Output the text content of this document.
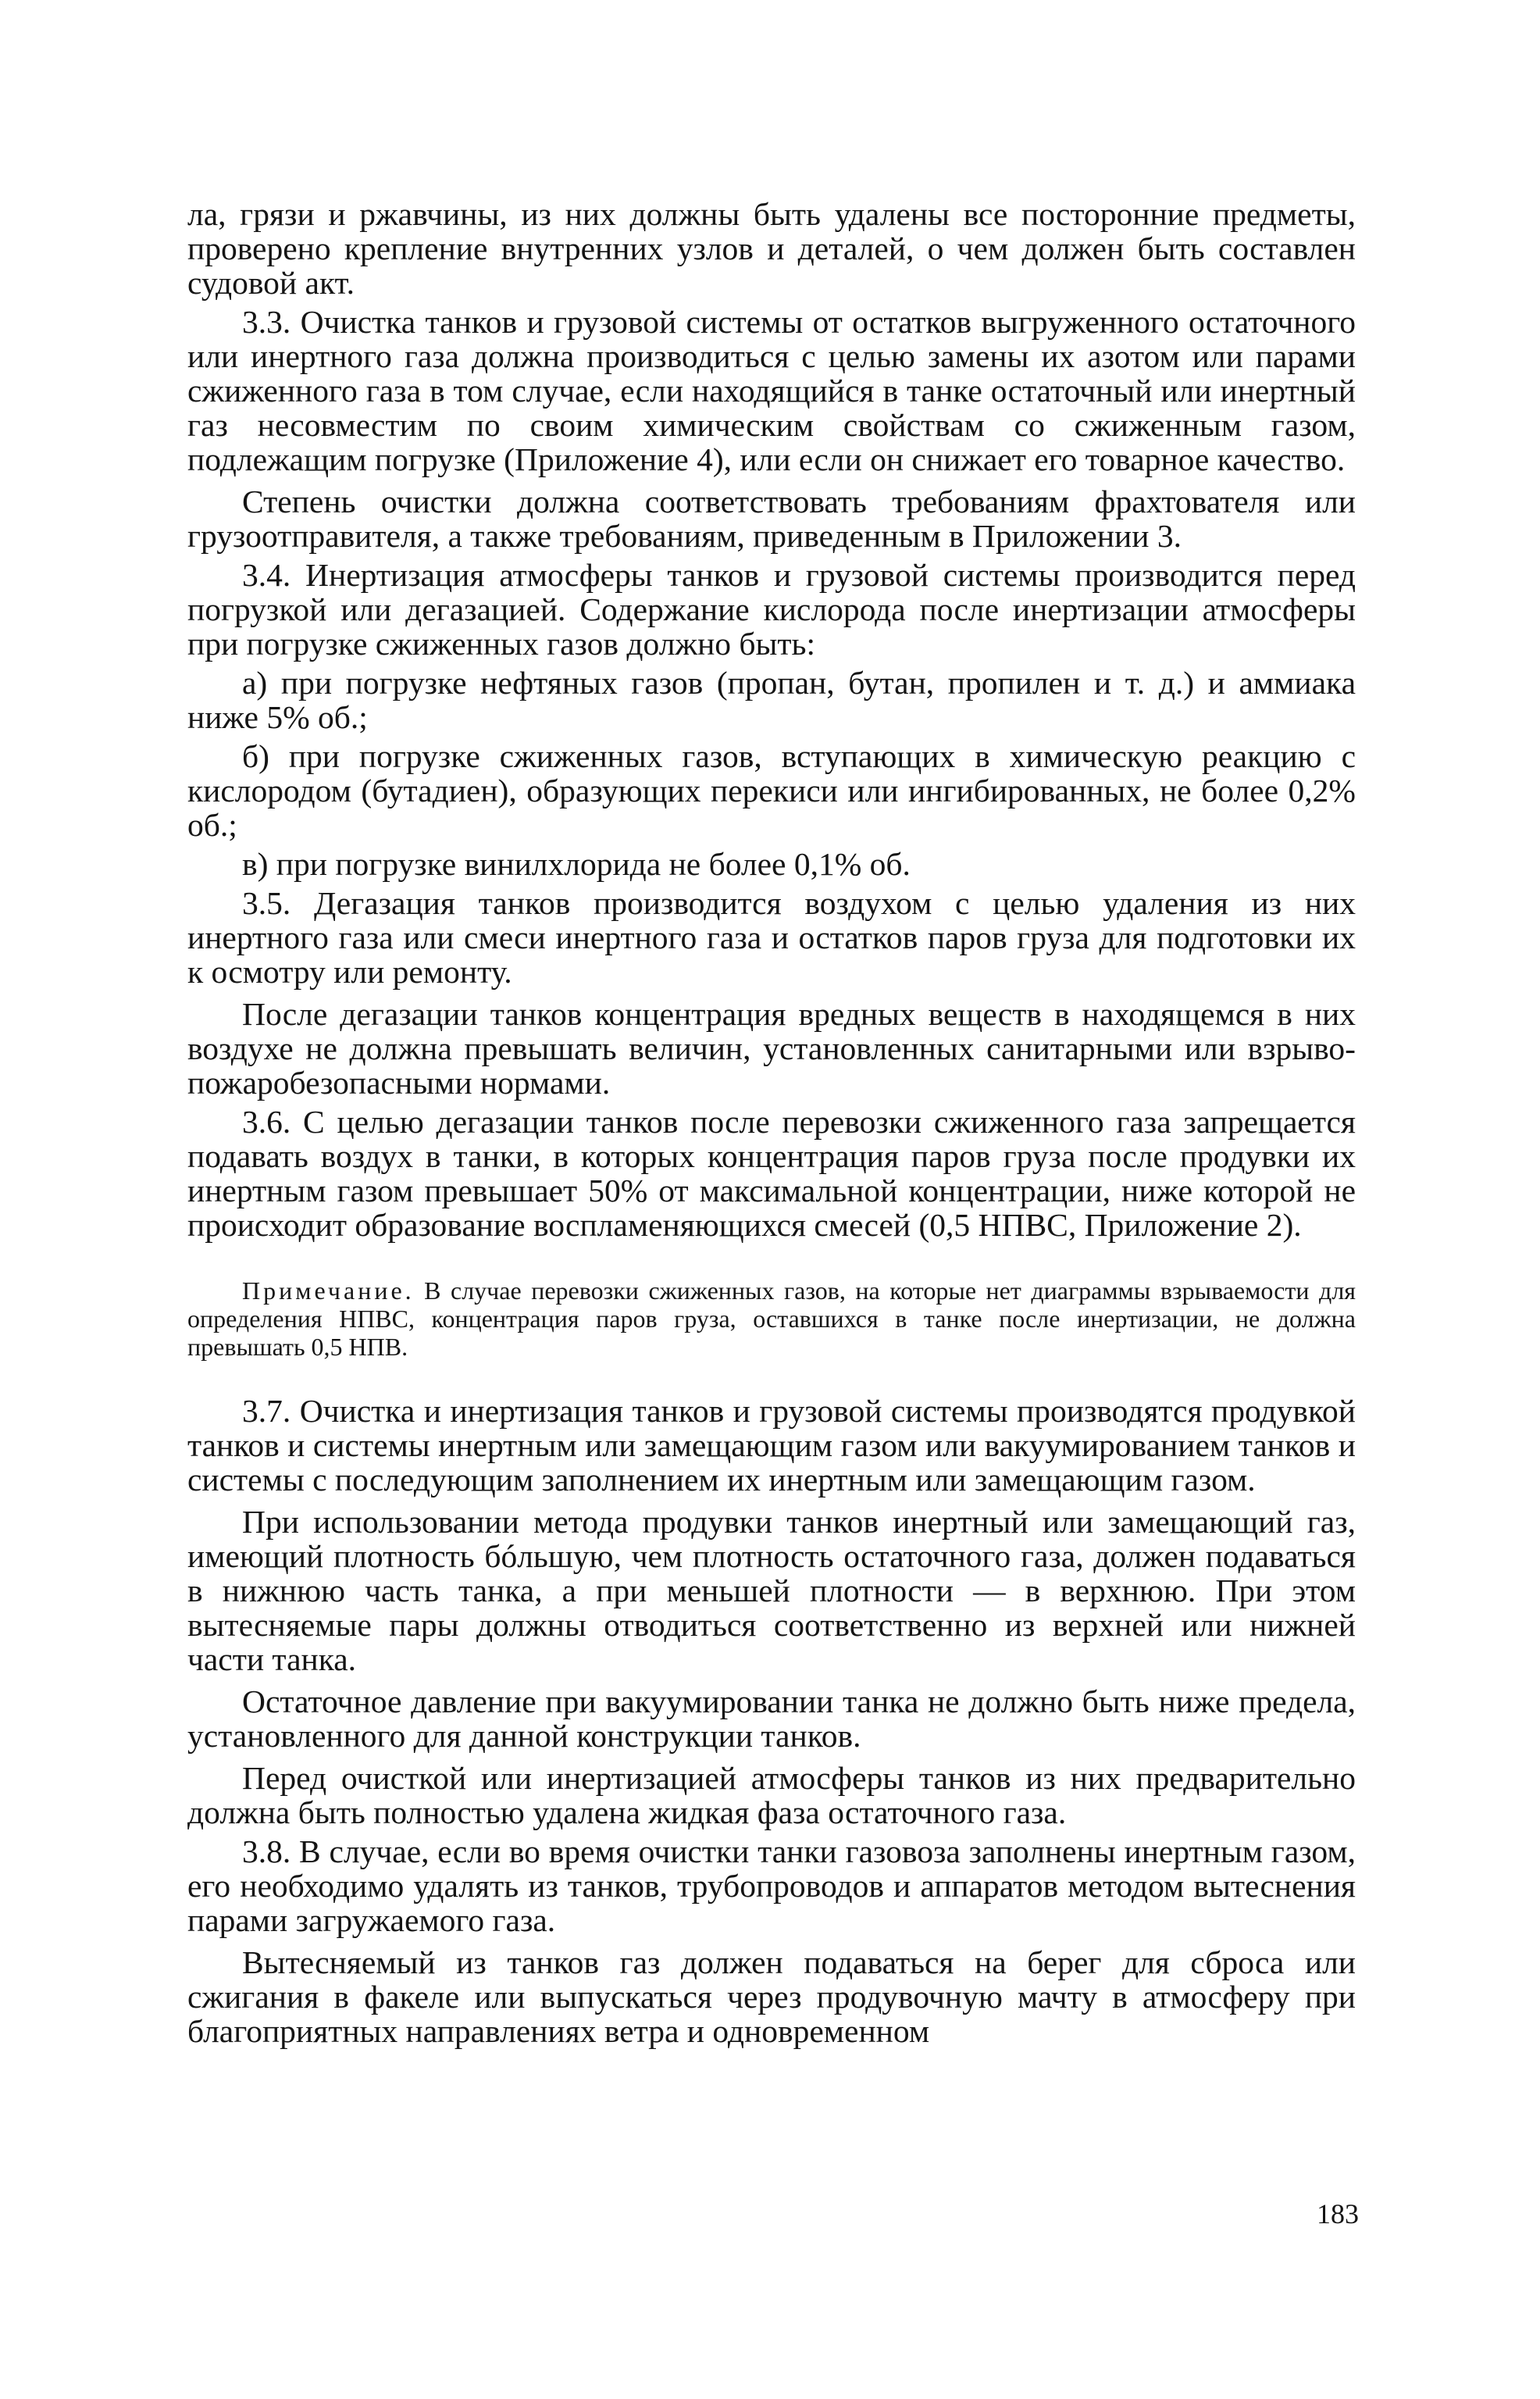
ла, грязи и ржавчины, из них должны быть удалены все посторонние предметы, проверено крепление внутренних узлов и деталей, о чем должен быть составлен судовой акт.

3.3. Очистка танков и грузовой системы от остатков выгруженного остаточного или инертного газа должна производиться с целью замены их азотом или парами сжиженного газа в том случае, если находящийся в танке остаточный или инертный газ несовместим по своим химическим свойствам со сжиженным газом, подлежащим погрузке (Приложение 4), или если он снижает его товарное качество.

Степень очистки должна соответствовать требованиям фрахтователя или грузоотправителя, а также требованиям, приведенным в Приложении 3.

3.4. Инертизация атмосферы танков и грузовой системы производится перед погрузкой или дегазацией. Содержание кислорода после инертизации атмосферы при погрузке сжиженных газов должно быть:

а) при погрузке нефтяных газов (пропан, бутан, пропилен и т. д.) и аммиака ниже 5% об.;

б) при погрузке сжиженных газов, вступающих в химическую реакцию с кислородом (бутадиен), образующих перекиси или ингибированных, не более 0,2% об.;

в) при погрузке винилхлорида не более 0,1% об.

3.5. Дегазация танков производится воздухом с целью удаления из них инертного газа или смеси инертного газа и остатков паров груза для подготовки их к осмотру или ремонту.

После дегазации танков концентрация вредных веществ в находящемся в них воздухе не должна превышать величин, установленных санитарными или взрыво-пожаробезопасными нормами.

3.6. С целью дегазации танков после перевозки сжиженного газа запрещается подавать воздух в танки, в которых концентрация паров груза после продувки их инертным газом превышает 50% от максимальной концентрации, ниже которой не происходит образование воспламеняющихся смесей (0,5 НПВС, Приложение 2).

Примечание. В случае перевозки сжиженных газов, на которые нет диаграммы взрываемости для определения НПВС, концентрация паров груза, оставшихся в танке после инертизации, не должна превышать 0,5 НПВ.

3.7. Очистка и инертизация танков и грузовой системы производятся продувкой танков и системы инертным или замещающим газом или вакуумированием танков и системы с последующим заполнением их инертным или замещающим газом.

При использовании метода продувки танков инертный или замещающий газ, имеющий плотность бóльшую, чем плотность остаточного газа, должен подаваться в нижнюю часть танка, а при меньшей плотности — в верхнюю. При этом вытесняемые пары должны отводиться соответственно из верхней или нижней части танка.

Остаточное давление при вакуумировании танка не должно быть ниже предела, установленного для данной конструкции танков.

Перед очисткой или инертизацией атмосферы танков из них предварительно должна быть полностью удалена жидкая фаза остаточного газа.

3.8. В случае, если во время очистки танки газовоза заполнены инертным газом, его необходимо удалять из танков, трубопроводов и аппаратов методом вытеснения парами загружаемого газа.

Вытесняемый из танков газ должен подаваться на берег для сброса или сжигания в факеле или выпускаться через продувочную мачту в атмосферу при благоприятных направлениях ветра и одновременном

183
